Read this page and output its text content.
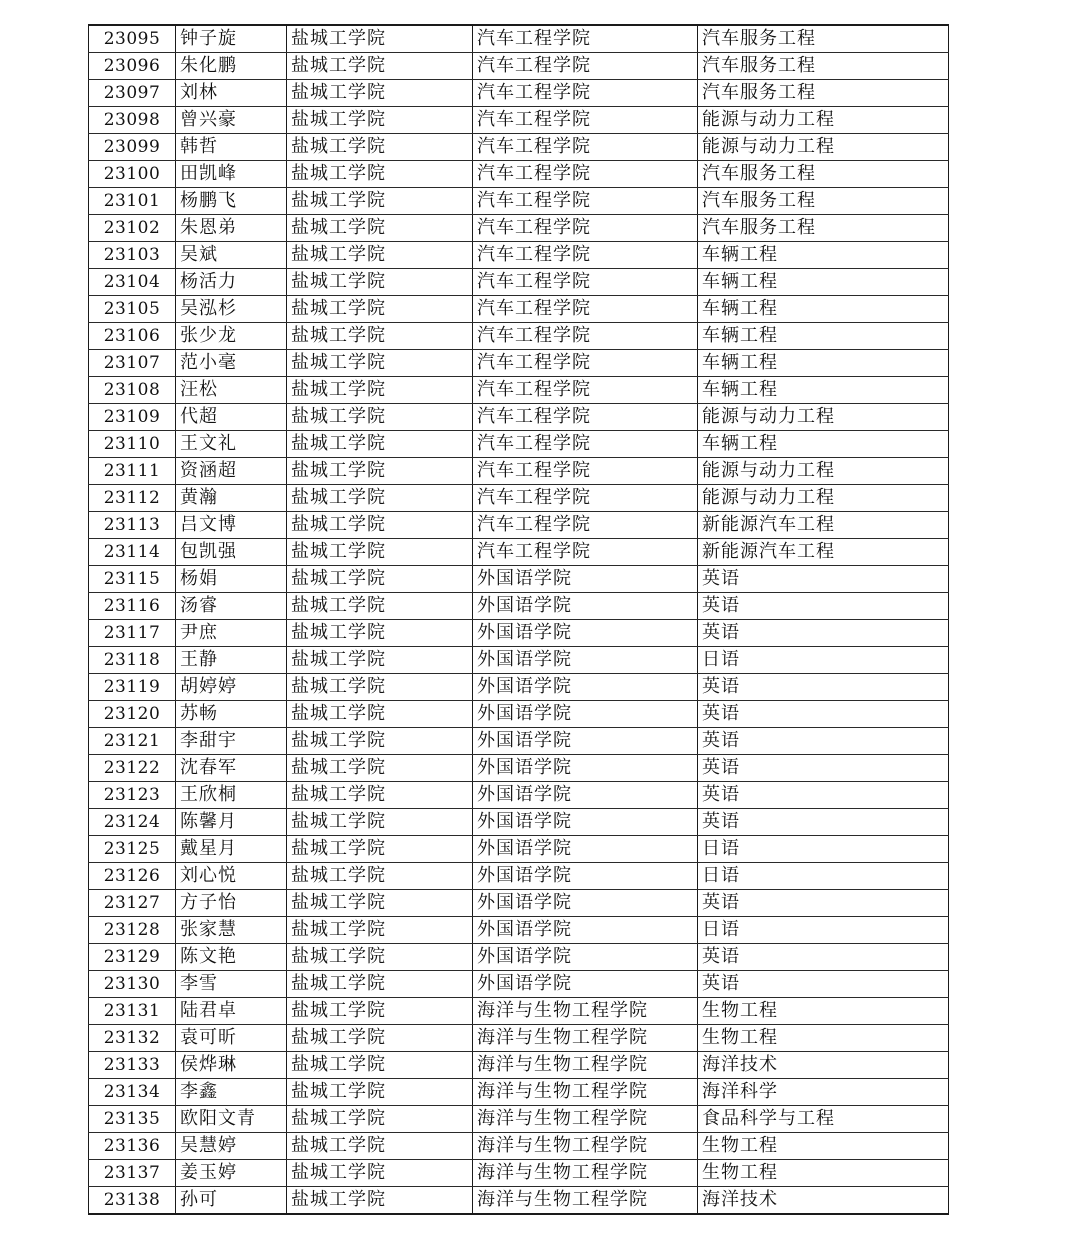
23095	钟子旋	盐城工学院	汽车工程学院	汽车服务工程
23096	朱化鹏	盐城工学院	汽车工程学院	汽车服务工程
23097	刘林	盐城工学院	汽车工程学院	汽车服务工程
23098	曾兴豪	盐城工学院	汽车工程学院	能源与动力工程
23099	韩哲	盐城工学院	汽车工程学院	能源与动力工程
23100	田凯峰	盐城工学院	汽车工程学院	汽车服务工程
23101	杨鹏飞	盐城工学院	汽车工程学院	汽车服务工程
23102	朱恩弟	盐城工学院	汽车工程学院	汽车服务工程
23103	吴斌	盐城工学院	汽车工程学院	车辆工程
23104	杨活力	盐城工学院	汽车工程学院	车辆工程
23105	吴泓杉	盐城工学院	汽车工程学院	车辆工程
23106	张少龙	盐城工学院	汽车工程学院	车辆工程
23107	范小毫	盐城工学院	汽车工程学院	车辆工程
23108	汪松	盐城工学院	汽车工程学院	车辆工程
23109	代超	盐城工学院	汽车工程学院	能源与动力工程
23110	王文礼	盐城工学院	汽车工程学院	车辆工程
23111	资涵超	盐城工学院	汽车工程学院	能源与动力工程
23112	黄瀚	盐城工学院	汽车工程学院	能源与动力工程
23113	吕文博	盐城工学院	汽车工程学院	新能源汽车工程
23114	包凯强	盐城工学院	汽车工程学院	新能源汽车工程
23115	杨娟	盐城工学院	外国语学院	英语
23116	汤睿	盐城工学院	外国语学院	英语
23117	尹庶	盐城工学院	外国语学院	英语
23118	王静	盐城工学院	外国语学院	日语
23119	胡婷婷	盐城工学院	外国语学院	英语
23120	苏畅	盐城工学院	外国语学院	英语
23121	李甜宇	盐城工学院	外国语学院	英语
23122	沈春军	盐城工学院	外国语学院	英语
23123	王欣桐	盐城工学院	外国语学院	英语
23124	陈馨月	盐城工学院	外国语学院	英语
23125	戴星月	盐城工学院	外国语学院	日语
23126	刘心悦	盐城工学院	外国语学院	日语
23127	方子怡	盐城工学院	外国语学院	英语
23128	张家慧	盐城工学院	外国语学院	日语
23129	陈文艳	盐城工学院	外国语学院	英语
23130	李雪	盐城工学院	外国语学院	英语
23131	陆君卓	盐城工学院	海洋与生物工程学院	生物工程
23132	袁可昕	盐城工学院	海洋与生物工程学院	生物工程
23133	侯烨琳	盐城工学院	海洋与生物工程学院	海洋技术
23134	李鑫	盐城工学院	海洋与生物工程学院	海洋科学
23135	欧阳文青	盐城工学院	海洋与生物工程学院	食品科学与工程
23136	吴慧婷	盐城工学院	海洋与生物工程学院	生物工程
23137	姜玉婷	盐城工学院	海洋与生物工程学院	生物工程
23138	孙可	盐城工学院	海洋与生物工程学院	海洋技术
